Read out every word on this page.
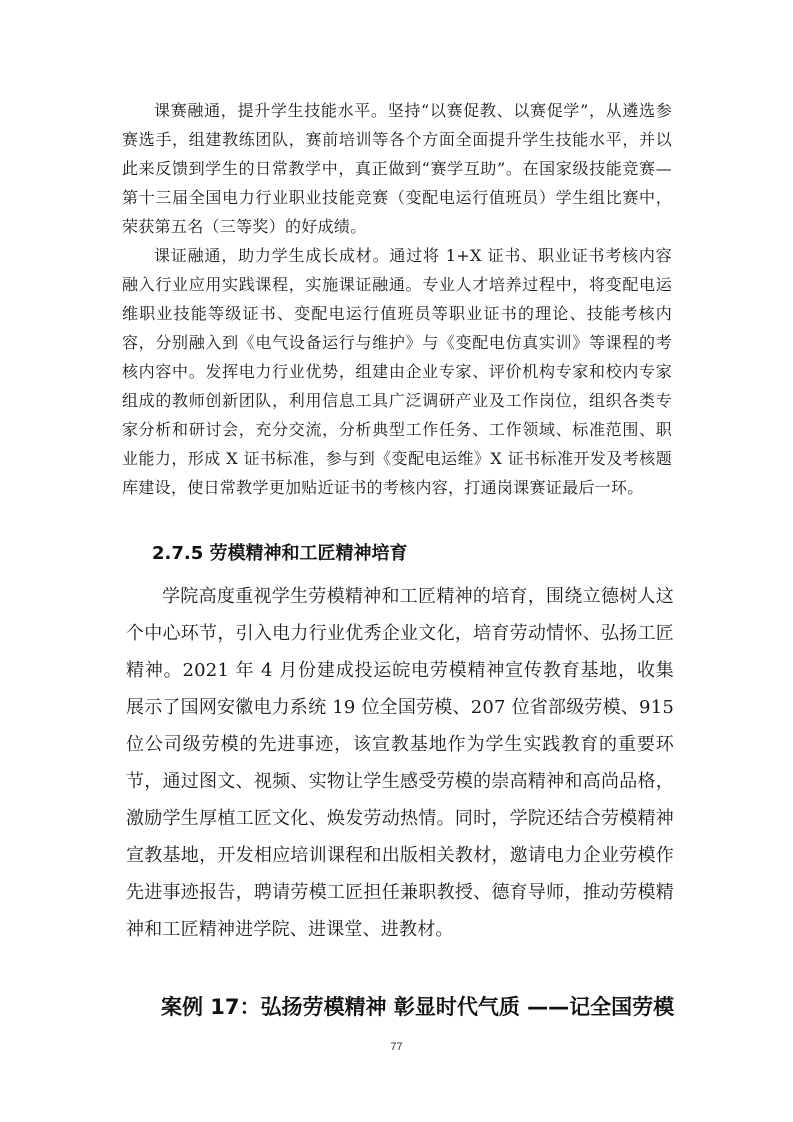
课赛融通，提升学生技能水平。坚持“以赛促教、以赛促学”，从遴选参赛选手，组建教练团队，赛前培训等各个方面全面提升学生技能水平，并以此来反馈到学生的日常教学中，真正做到“赛学互助”。在国家级技能竞赛—第十三届全国电力行业职业技能竞赛（变配电运行值班员）学生组比赛中，荣获第五名（三等奖）的好成绩。

课证融通，助力学生成长成材。通过将 1+X 证书、职业证书考核内容融入行业应用实践课程，实施课证融通。专业人才培养过程中，将变配电运维职业技能等级证书、变配电运行值班员等职业证书的理论、技能考核内容，分别融入到《电气设备运行与维护》与《变配电仿真实训》等课程的考核内容中。发挥电力行业优势，组建由企业专家、评价机构专家和校内专家组成的教师创新团队，利用信息工具广泛调研产业及工作岗位，组织各类专家分析和研讨会，充分交流，分析典型工作任务、工作领域、标准范围、职业能力，形成 X 证书标准，参与到《变配电运维》X 证书标准开发及考核题库建设，使日常教学更加贴近证书的考核内容，打通岗课赛证最后一环。

2.7.5 劳模精神和工匠精神培育

学院高度重视学生劳模精神和工匠精神的培育，围绕立德树人这个中心环节，引入电力行业优秀企业文化，培育劳动情怀、弘扬工匠精神。2021 年 4 月份建成投运皖电劳模精神宣传教育基地，收集展示了国网安徽电力系统 19 位全国劳模、207 位省部级劳模、915 位公司级劳模的先进事迹，该宣教基地作为学生实践教育的重要环节，通过图文、视频、实物让学生感受劳模的崇高精神和高尚品格，激励学生厚植工匠文化、焕发劳动热情。同时，学院还结合劳模精神宣教基地，开发相应培训课程和出版相关教材，邀请电力企业劳模作先进事迹报告，聘请劳模工匠担任兼职教授、德育导师，推动劳模精神和工匠精神进学院、进课堂、进教材。

案例 17：弘扬劳模精神 彰显时代气质 ——记全国劳模
77
